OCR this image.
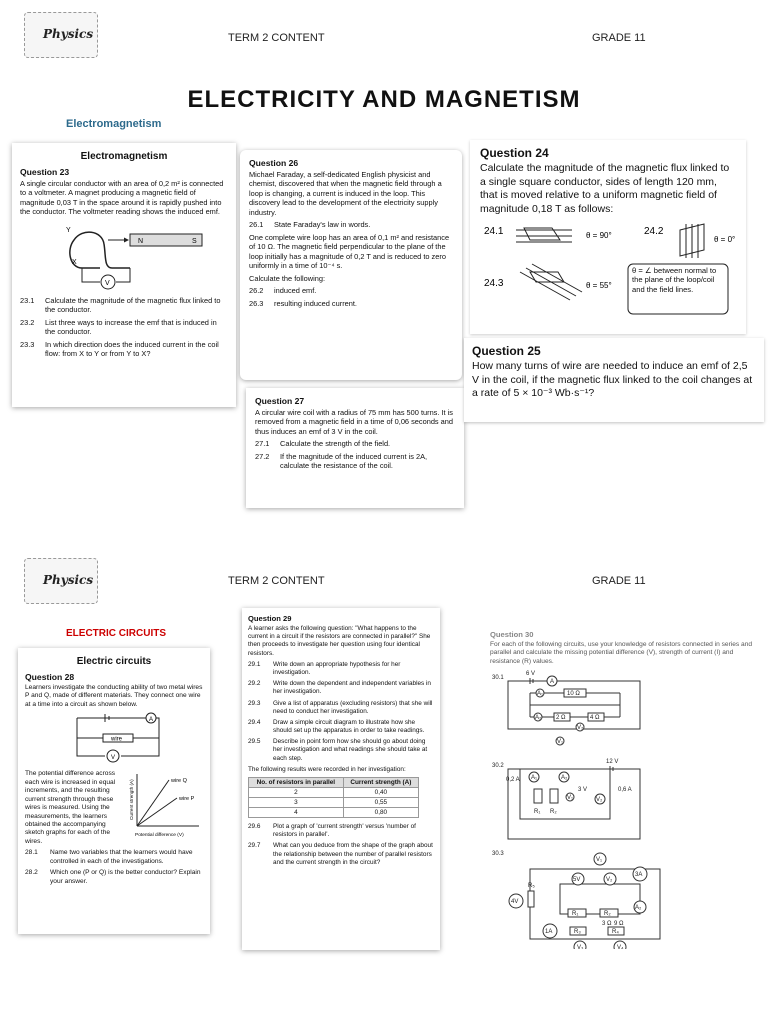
Physics	TERM 2 CONTENT	GRADE 11
ELECTRICITY AND MAGNETISM
Electromagnetism
Electromagnetism
Question 23
A single circular conductor with an area of 0,2 m² is connected to a voltmeter. A magnet producing a magnetic field of magnitude 0,03 T in the space around it is rapidly pushed into the conductor. The voltmeter reading shows the induced emf.
V
N	S
Y
X
23.1	Calculate the magnitude of the magnetic flux linked to the conductor.
23.2	List three ways to increase the emf that is induced in the conductor.
23.3	In which direction does the induced current in the coil flow: from X to Y or from Y to X?
Question 26
Michael Faraday, a self-dedicated English physicist and chemist, discovered that when the magnetic field through a loop is changing, a current is induced in the loop. This discovery lead to the development of the electricity supply industry.
26.1	State Faraday's law in words.
One complete wire loop has an area of 0,1 m² and resistance of 10 Ω. The magnetic field perpendicular to the plane of the loop initially has a magnitude of 0,2 T and is reduced to zero uniformly in a time of 10⁻⁴ s.
Calculate the following:
26.2	induced emf.
26.3	resulting induced current.
Question 27
A circular wire coil with a radius of 75 mm has 500 turns. It is removed from a magnetic field in a time of 0,06 seconds and thus induces an emf of 3 V in the coil.
27.1	Calculate the strength of the field.
27.2	If the magnitude of the induced current is 2A, calculate the resistance of the coil.
Question 24
Calculate the magnitude of the magnetic flux linked to a single square conductor, sides of length 120 mm, that is moved relative to a uniform magnetic field of magnitude 0,18 T as follows:
24.1	θ = 90°	24.2
θ = 0°
24.3	θ = 55°
θ = ∠ between normal to the plane of the loop/coil and the field lines.
Question 25
How many turns of wire are needed to induce an emf of 2,5 V in the coil, if the magnetic flux linked to the coil changes at a rate of 5 × 10⁻³ Wb·s⁻¹?
Physics	TERM 2 CONTENT	GRADE 11
ELECTRIC CIRCUITS
Electric circuits
Question 28
Learners investigate the conducting ability of two metal wires P and Q, made of different materials. They connect one wire at a time into a circuit as shown below.
A
wire
V
The potential difference across each wire is increased in equal increments, and the resulting current strength through these wires is measured. Using the measurements, the learners obtained the accompanying sketch graphs for each of the wires.
wire Q
wire P
Current strength (A)
Potential difference (V)
28.1	Name two variables that the learners would have controlled in each of the investigations.
28.2	Which one (P or Q) is the better conductor? Explain your answer.
Question 29
A learner asks the following question: "What happens to the current in a circuit if the resistors are connected in parallel?" She then proceeds to investigate her question using four identical resistors.
29.1	Write down an appropriate hypothesis for her investigation.
29.2	Write down the dependent and independent variables in her investigation.
29.3	Give a list of apparatus (excluding resistors) that she will need to conduct her investigation.
29.4	Draw a simple circuit diagram to illustrate how she should set up the apparatus in order to take readings.
29.5	Describe in point form how she should go about doing her investigation and what readings she should take at each step.
The following results were recorded in her investigation:
No. of resistors in parallel	Current strength (A)
2	0,40
3	0,55
4	0,80
29.6	Plot a graph of 'current strength' versus 'number of resistors in parallel'.
29.7	What can you deduce from the shape of the graph about the relationship between the number of parallel resistors and the current strength in the circuit?
Question 30
For each of the following circuits, use your knowledge of resistors connected in series and parallel and calculate the missing potential difference (V), strength of current (I) and resistance (R) values.
30.1
6 V
A
A₁
A₂
10 Ω
2 Ω	4 Ω
V₂
V₁
30.2
12 V
0,2 A A₁	A₂
R₁ R₂
V₁
3 V
V₂
0,6 A
30.3
4V
3A
5V	V₂
V₁
R₁	R₂
A₂
3 Ω 9 Ω
1A	R₃	R₄
V₃	V₄
R₅
